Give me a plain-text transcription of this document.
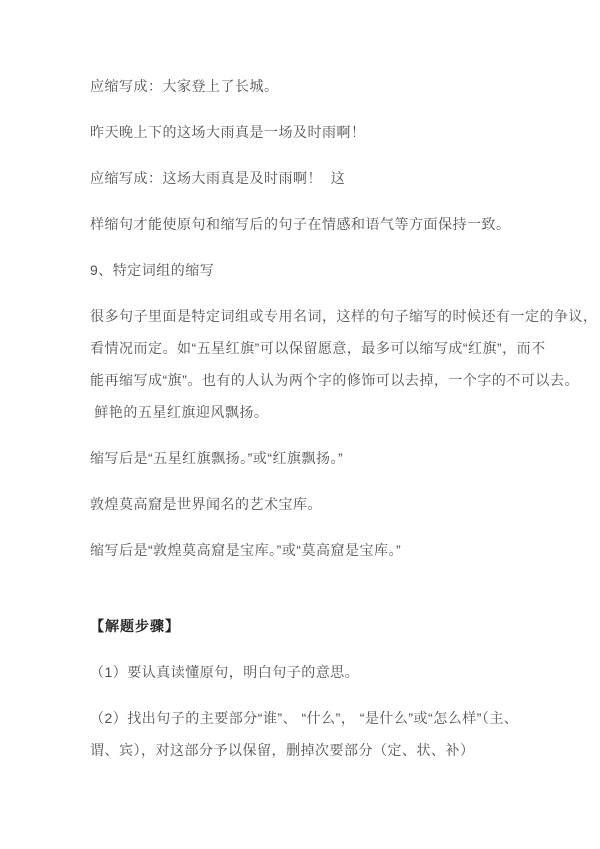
应缩写成：大家登上了长城。
昨天晚上下的这场大雨真是一场及时雨啊！
应缩写成：这场大雨真是及时雨啊！  这
样缩句才能使原句和缩写后的句子在情感和语气等方面保持一致。
9、特定词组的缩写
很多句子里面是特定词组或专用名词，这样的句子缩写的时候还有一定的争议，
看情况而定。如“五星红旗”可以保留愿意，最多可以缩写成“红旗”，而不
能再缩写成“旗”。也有的人认为两个字的修饰可以去掉，一个字的不可以去。
鲜艳的五星红旗迎风飘扬。
缩写后是“五星红旗飘扬。”或“红旗飘扬。”
敦煌莫高窟是世界闻名的艺术宝库。
缩写后是“敦煌莫高窟是宝库。”或“莫高窟是宝库。”
【解题步骤】
（1）要认真读懂原句，明白句子的意思。
（2）找出句子的主要部分“谁”、 “什么”， “是什么”或“怎么样”（主、
谓、宾），对这部分予以保留，删掉次要部分（定、状、补）
